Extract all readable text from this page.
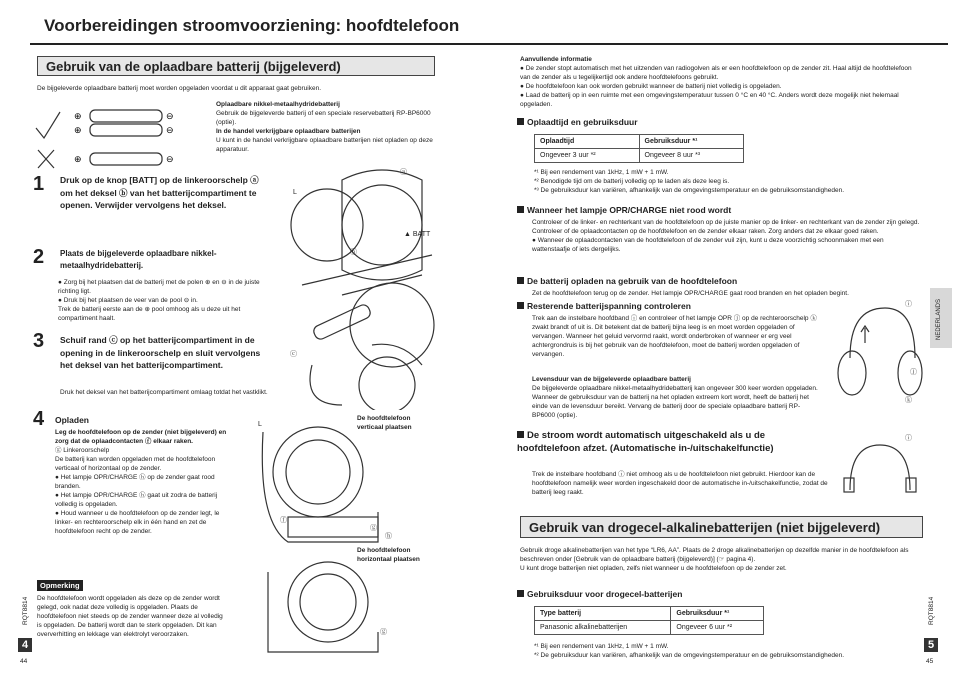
Voorbereidingen stroomvoorziening: hoofdtelefoon
Gebruik van de oplaadbare batterij (bijgeleverd)
De bijgeleverde oplaadbare batterij moet worden opgeladen voordat u dit apparaat gaat gebruiken.
⊕
⊕
⊖
⊖
⊕	⊖
Oplaadbare nikkel-metaalhydridebatterij
Gebruik de bijgeleverde batterij of een speciale reservebatterij RP-BP6000 (optie).
In de handel verkrijgbare oplaadbare batterijen
U kunt in de handel verkrijgbare oplaadbare batterijen niet opladen op deze apparatuur.
1 Druk op de knop [BATT] op de linkeroorschelp ⓐ om het deksel ⓑ van het batterijcompartiment te openen. Verwijder vervolgens het deksel.
2 Plaats de bijgeleverde oplaadbare nikkel-metaalhydridebatterij.
● Zorg bij het plaatsen dat de batterij met de polen ⊕ en ⊖ in de juiste richting ligt.
● Druk bij het plaatsen de veer van de pool ⊖ in.
Trek de batterij eerste aan de ⊕ pool omhoog als u deze uit het compartiment haalt.
3 Schuif rand ⓒ op het batterijcompartiment in de opening in de linkeroorschelp en sluit vervolgens het deksel van het batterijcompartiment.
Druk het deksel van het batterijcompartiment omlaag totdat het vastklikt.
4 Opladen
Leg de hoofdtelefoon op de zender (niet bijgeleverd) en zorg dat de oplaadcontacten ⓕ elkaar raken.
ⓖ Linkeroorschelp
De batterij kan worden opgeladen met de hoofdtelefoon verticaal of horizontaal op de zender.
● Het lampje OPR/CHARGE ⓗ op de zender gaat rood branden.
● Het lampje OPR/CHARGE ⓗ gaat uit zodra de batterij volledig is opgeladen.
● Houd wanneer u de hoofdtelefoon op de zender legt, le linker- en rechteroorschelp elk in één hand en zet de hoofdtelefoon recht op de zender.
ⓐ
▲ BATT
L
ⓑ
ⓒ
De hoofdtelefoon verticaal plaatsen
De hoofdtelefoon horizontaal plaatsen
L
ⓕ
ⓖ
ⓗ
ⓖ
Opmerking
De hoofdtelefoon wordt opgeladen als deze op de zender wordt gelegd, ook nadat deze volledig is opgeladen. Plaats de hoofdtelefoon niet steeds op de zender wanneer deze al volledig is opgeladen. De batterij wordt dan te sterk opgeladen. Dit kan oververhitting en lekkage van elektrolyt veroorzaken.
RQT8814
4
44
Aanvullende informatie
● De zender stopt automatisch met het uitzenden van radiogolven als er een hoofdtelefoon op de zender zit. Haal altijd de hoofdtelefoon van de zender als u tegelijkertijd ook andere hoofdtelefoons gebruikt.
● De hoofdtelefoon kan ook worden gebruikt wanneer de batterij niet volledig is opgeladen.
● Laad de batterij op in een ruimte met een omgevingstemperatuur tussen 0 °C en 40 °C. Anders wordt deze mogelijk niet helemaal opgeladen.
Oplaadtijd en gebruiksduur
Oplaadtijd	Gebruiksduur *¹
Ongeveer 3 uur *²	Ongeveer 8 uur *³
*¹ Bij een rendement van 1kHz, 1 mW + 1 mW.
*² Benodigde tijd om de batterij volledig op te laden als deze leeg is.
*³ De gebruiksduur kan variëren, afhankelijk van de omgevingstemperatuur en de gebruiksomstandigheden.
Wanneer het lampje OPR/CHARGE niet rood wordt
Controleer of de linker- en rechterkant van de hoofdtelefoon op de juiste manier op de linker- en rechterkant van de zender zijn gelegd.
Controleer of de oplaadcontacten op de hoofdtelefoon en de zender elkaar raken. Zorg anders dat ze elkaar goed raken.
● Wanneer de oplaadcontacten van de hoofdtelefoon of de zender vuil zijn, kunt u deze voorzichtig schoonmaken met een wattenstaafje of iets dergelijks.
De batterij opladen na gebruik van de hoofdtelefoon
Zet de hoofdtelefoon terug op de zender. Het lampje OPR/CHARGE gaat rood branden en het opladen begint.
Resterende batterijspanning controleren
Trek aan de instelbare hoofdband ⓘ en controleer of het lampje OPR ⓙ op de rechteroorschelp ⓚ zwakt brandt of uit is. Dit betekent dat de batterij bijna leeg is en moet worden opgeladen of vervangen. Wanneer het geluid vervormd raakt, wordt onderbroken of wanneer er erg veel achtergrondruis is bij het gebruik van de hoofdtelefoon, moet de batterij worden opgeladen of vervangen.
Levensduur van de bijgeleverde oplaadbare batterij
De bijgeleverde oplaadbare nikkel-metaalhydridebatterij kan ongeveer 300 keer worden opgeladen. Wanneer de gebruiksduur van de batterij na het opladen extreem kort wordt, heeft de batterij het einde van de levensduur bereikt. Vervang de batterij door de speciale oplaadbare batterij RP-BP6000 (optie).
ⓘ
ⓙ
ⓚ
De stroom wordt automatisch uitgeschakeld als u de hoofdtelefoon afzet. (Automatische in-/uitschakelfunctie)
Trek de instelbare hoofdband ⓘ niet omhoog als u de hoofdtelefoon niet gebruikt. Hierdoor kan de hoofdtelefoon namelijk weer worden ingeschakeld door de automatische in-/uitschakelfunctie, zodat de batterij leeg raakt.
ⓘ
Gebruik van drogecel-alkalinebatterijen (niet bijgeleverd)
Gebruik droge alkalinebatterijen van het type “LR6, AA”. Plaats de 2 droge alkalinebatterijen op dezelfde manier in de hoofdtelefoon als beschreven onder [Gebruik van de oplaadbare batterij (bijgeleverd)] (☞ pagina 4).
U kunt droge batterijen niet opladen, zelfs niet wanneer u de hoofdtelefoon op de zender zet.
Gebruiksduur voor drogecel-batterijen
Type batterij	Gebruiksduur *¹
Panasonic alkalinebatterijen	Ongeveer 6 uur *²
*¹ Bij een rendement van 1kHz, 1 mW + 1 mW.
*² De gebruiksduur kan variëren, afhankelijk van de omgevingstemperatuur en de gebruiksomstandigheden.
NEDERLANDS
RQT8814
5
45
